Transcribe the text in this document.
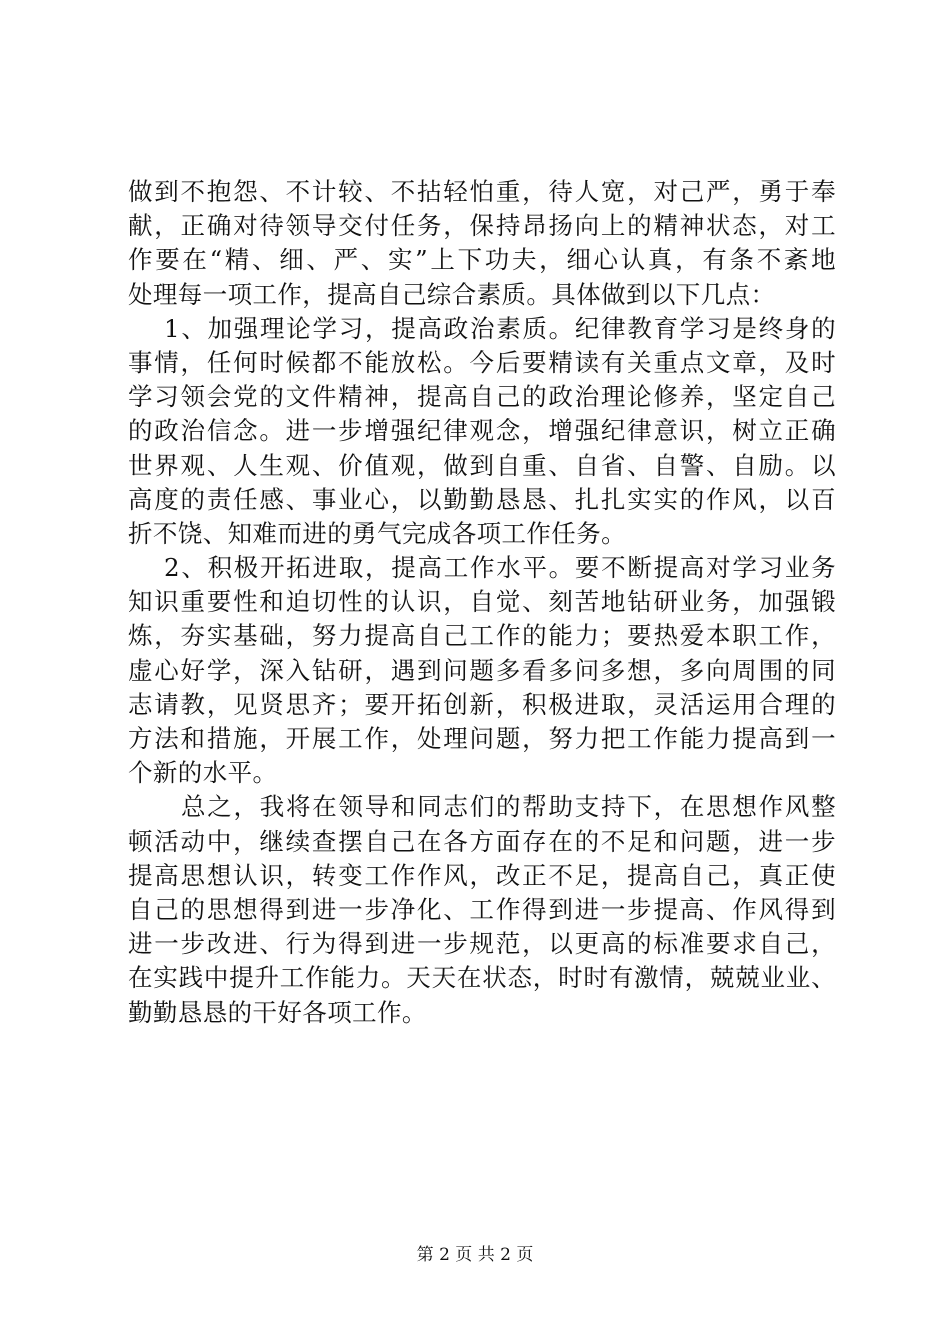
做到不抱怨、不计较、不拈轻怕重，待人宽，对己严，勇于奉
献，正确对待领导交付任务，保持昂扬向上的精神状态，对工
作要在“精、细、严、实”上下功夫，细心认真，有条不紊地
处理每一项工作，提高自己综合素质。具体做到以下几点：
1、加强理论学习，提高政治素质。纪律教育学习是终身的
事情，任何时候都不能放松。今后要精读有关重点文章，及时
学习领会党的文件精神，提高自己的政治理论修养，坚定自己
的政治信念。进一步增强纪律观念，增强纪律意识，树立正确
世界观、人生观、价值观，做到自重、自省、自警、自励。以
高度的责任感、事业心，以勤勤恳恳、扎扎实实的作风，以百
折不饶、知难而进的勇气完成各项工作任务。
2、积极开拓进取，提高工作水平。要不断提高对学习业务
知识重要性和迫切性的认识，自觉、刻苦地钻研业务，加强锻
炼，夯实基础，努力提高自己工作的能力；要热爱本职工作，
虚心好学，深入钻研，遇到问题多看多问多想，多向周围的同
志请教，见贤思齐；要开拓创新，积极进取，灵活运用合理的
方法和措施，开展工作，处理问题，努力把工作能力提高到一
个新的水平。
总之，我将在领导和同志们的帮助支持下，在思想作风整
顿活动中，继续查摆自己在各方面存在的不足和问题，进一步
提高思想认识，转变工作作风，改正不足，提高自己，真正使
自己的思想得到进一步净化、工作得到进一步提高、作风得到
进一步改进、行为得到进一步规范，以更高的标准要求自己，
在实践中提升工作能力。天天在状态，时时有激情，兢兢业业、
勤勤恳恳的干好各项工作。
第 2 页 共 2 页
